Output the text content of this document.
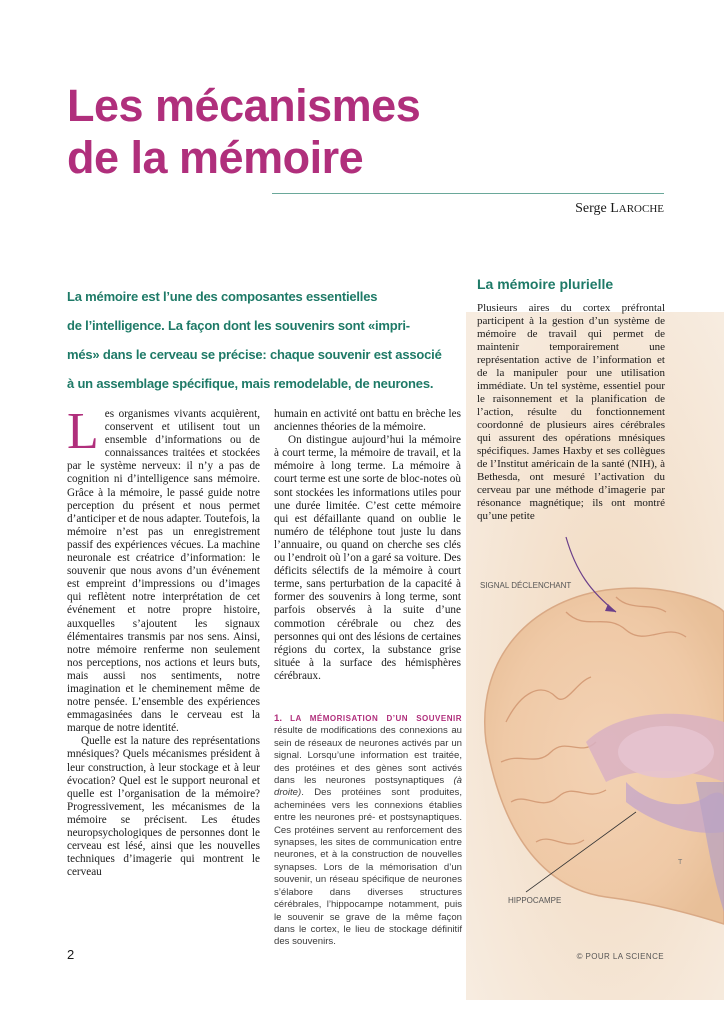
Les mécanismes
de la mémoire
Serge LAROCHE
La mémoire est l’une des composantes essentielles
de l’intelligence. La façon dont les souvenirs sont «impri-
més» dans le cerveau se précise: chaque souvenir est associé
à un assemblage spécifique, mais remodelable, de neurones.

Les organismes vivants acquièrent, conservent et utilisent tout un ensemble d’informations ou de connaissances traitées et stockées par le système nerveux: il n’y a pas de cognition ni d’intelligence sans mémoire. Grâce à la mémoire, le passé guide notre perception du présent et nous permet d’anticiper et de nous adapter. Toutefois, la mémoire n’est pas un enregistrement passif des expériences vécues. La machine neuronale est créatrice d’information: le souvenir que nous avons d’un événement est empreint d’impressions ou d’images qui reflètent notre interprétation de cet événement et notre propre histoire, auxquelles s’ajoutent les signaux élémentaires transmis par nos sens. Ainsi, notre mémoire renferme non seulement nos perceptions, nos actions et leurs buts, mais aussi nos sentiments, notre imagination et le cheminement même de notre pensée. L’ensemble des expériences emmagasinées dans le cerveau est la marque de notre identité.

Quelle est la nature des représentations mnésiques? Quels mécanismes président à leur construction, à leur stockage et à leur évocation? Quel est le support neuronal et quelle est l’organisation de la mémoire? Progressivement, les mécanismes de la mémoire se précisent. Les études neuropsychologiques de personnes dont le cerveau est lésé, ainsi que les nouvelles techniques d’imagerie qui montrent le cerveau

humain en activité ont battu en brèche les anciennes théories de la mémoire.

On distingue aujourd’hui la mémoire à court terme, la mémoire de travail, et la mémoire à long terme. La mémoire à court terme est une sorte de bloc-notes où sont stockées les informations utiles pour une durée limitée. C’est cette mémoire qui est défaillante quand on oublie le numéro de téléphone tout juste lu dans l’annuaire, ou quand on cherche ses clés ou l’endroit où l’on a garé sa voiture. Des déficits sélectifs de la mémoire à court terme, sans perturbation de la capacité à former des souvenirs à long terme, sont parfois observés à la suite d’une commotion cérébrale ou chez des personnes qui ont des lésions de certaines régions du cortex, la substance grise située à la surface des hémisphères cérébraux.

1. LA MÉMORISATION D’UN SOUVENIR résulte de modifications des connexions au sein de réseaux de neurones activés par un signal. Lorsqu’une information est traitée, des protéines et des gènes sont activés dans les neurones postsynaptiques (à droite). Des protéines sont produites, acheminées vers les connexions établies entre les neurones pré- et postsynaptiques. Ces protéines servent au renforcement des synapses, les sites de communication entre neurones, et à la construction de nouvelles synapses. Lors de la mémorisation d’un souvenir, un réseau spécifique de neurones s’élabore dans diverses structures cérébrales, l’hippocampe notamment, puis le souvenir se grave de la même façon dans le cortex, le lieu de stockage définitif des souvenirs.
SIGNAL DÉCLENCHANT
HIPPOCAMPE
T
La mémoire plurielle

Plusieurs aires du cortex préfrontal participent à la gestion d’un système de mémoire de travail qui permet de maintenir temporairement une représentation active de l’information et de la manipuler pour une utilisation immédiate. Un tel système, essentiel pour le raisonnement et la planification de l’action, résulte du fonctionnement coordonné de plusieurs aires cérébrales qui assurent des opérations mnésiques spécifiques. James Haxby et ses collègues de l’Institut américain de la santé (NIH), à Bethesda, ont mesuré l’activation du cerveau par une méthode d’imagerie par résonance magnétique; ils ont montré qu’une petite

2	© POUR LA SCIENCE
